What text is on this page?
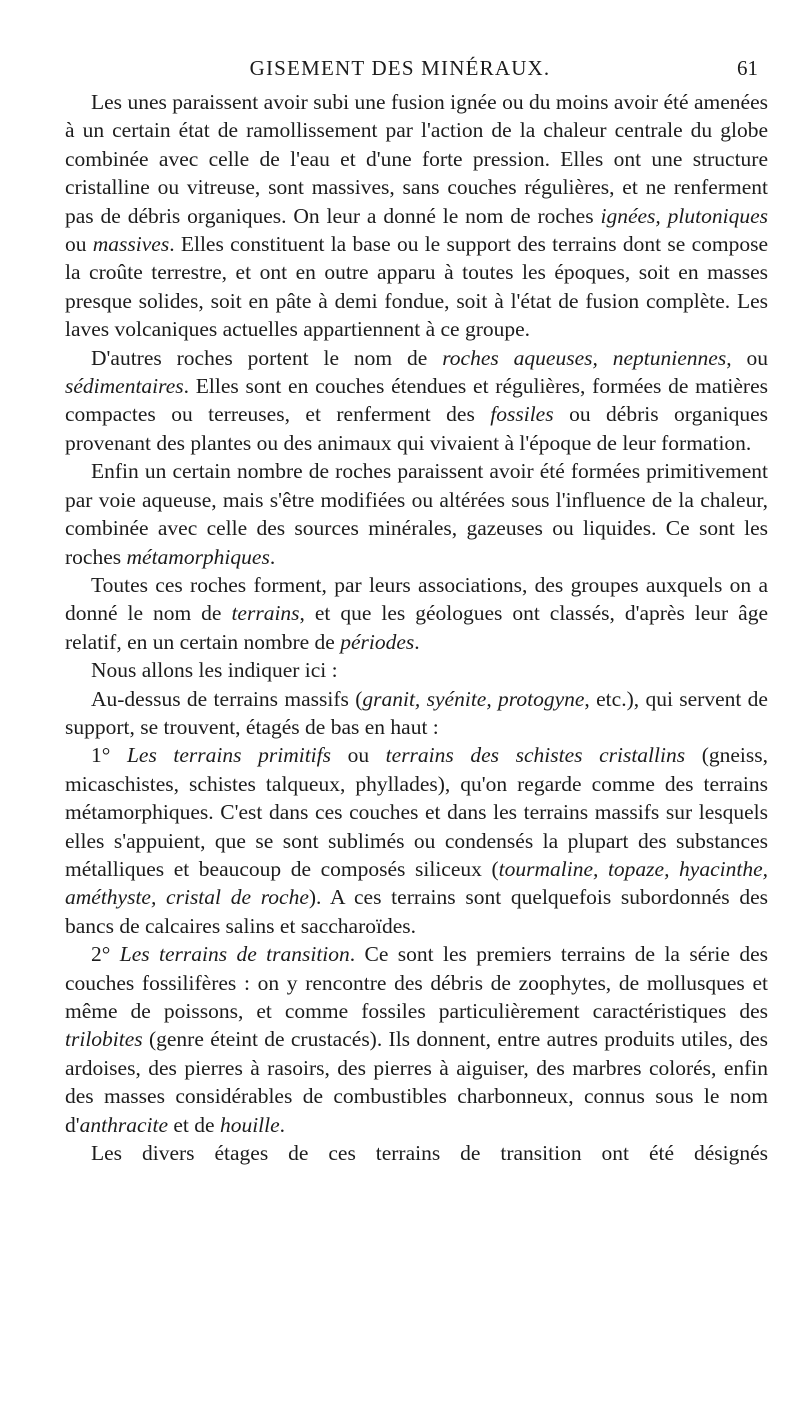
GISEMENT DES MINÉRAUX.	61

Les unes paraissent avoir subi une fusion ignée ou du moins avoir été amenées à un certain état de ramollissement par l'action de la chaleur centrale du globe combinée avec celle de l'eau et d'une forte pression. Elles ont une structure cristalline ou vitreuse, sont massives, sans couches régulières, et ne renferment pas de débris organiques. On leur a donné le nom de roches ignées, plutoniques ou massives. Elles constituent la base ou le support des terrains dont se compose la croûte terrestre, et ont en outre apparu à toutes les époques, soit en masses presque solides, soit en pâte à demi fondue, soit à l'état de fusion complète. Les laves volcaniques actuelles appartiennent à ce groupe.

D'autres roches portent le nom de roches aqueuses, neptuniennes, ou sédimentaires. Elles sont en couches étendues et régulières, formées de matières compactes ou terreuses, et renferment des fossiles ou débris organiques provenant des plantes ou des animaux qui vivaient à l'époque de leur formation.

Enfin un certain nombre de roches paraissent avoir été formées primitivement par voie aqueuse, mais s'être modifiées ou altérées sous l'influence de la chaleur, combinée avec celle des sources minérales, gazeuses ou liquides. Ce sont les roches métamorphiques.

Toutes ces roches forment, par leurs associations, des groupes auxquels on a donné le nom de terrains, et que les géologues ont classés, d'après leur âge relatif, en un certain nombre de périodes.

Nous allons les indiquer ici :

Au-dessus de terrains massifs (granit, syénite, protogyne, etc.), qui servent de support, se trouvent, étagés de bas en haut :

1° Les terrains primitifs ou terrains des schistes cristallins (gneiss, micaschistes, schistes talqueux, phyllades), qu'on regarde comme des terrains métamorphiques. C'est dans ces couches et dans les terrains massifs sur lesquels elles s'appuient, que se sont sublimés ou condensés la plupart des substances métalliques et beaucoup de composés siliceux (tourmaline, topaze, hyacinthe, améthyste, cristal de roche). A ces terrains sont quelquefois subordonnés des bancs de calcaires salins et saccharoïdes.

2° Les terrains de transition. Ce sont les premiers terrains de la série des couches fossilifères : on y rencontre des débris de zoophytes, de mollusques et même de poissons, et comme fossiles particulièrement caractéristiques des trilobites (genre éteint de crustacés). Ils donnent, entre autres produits utiles, des ardoises, des pierres à rasoirs, des pierres à aiguiser, des marbres colorés, enfin des masses considérables de combustibles charbonneux, connus sous le nom d'anthracite et de houille.

Les divers étages de ces terrains de transition ont été désignés
